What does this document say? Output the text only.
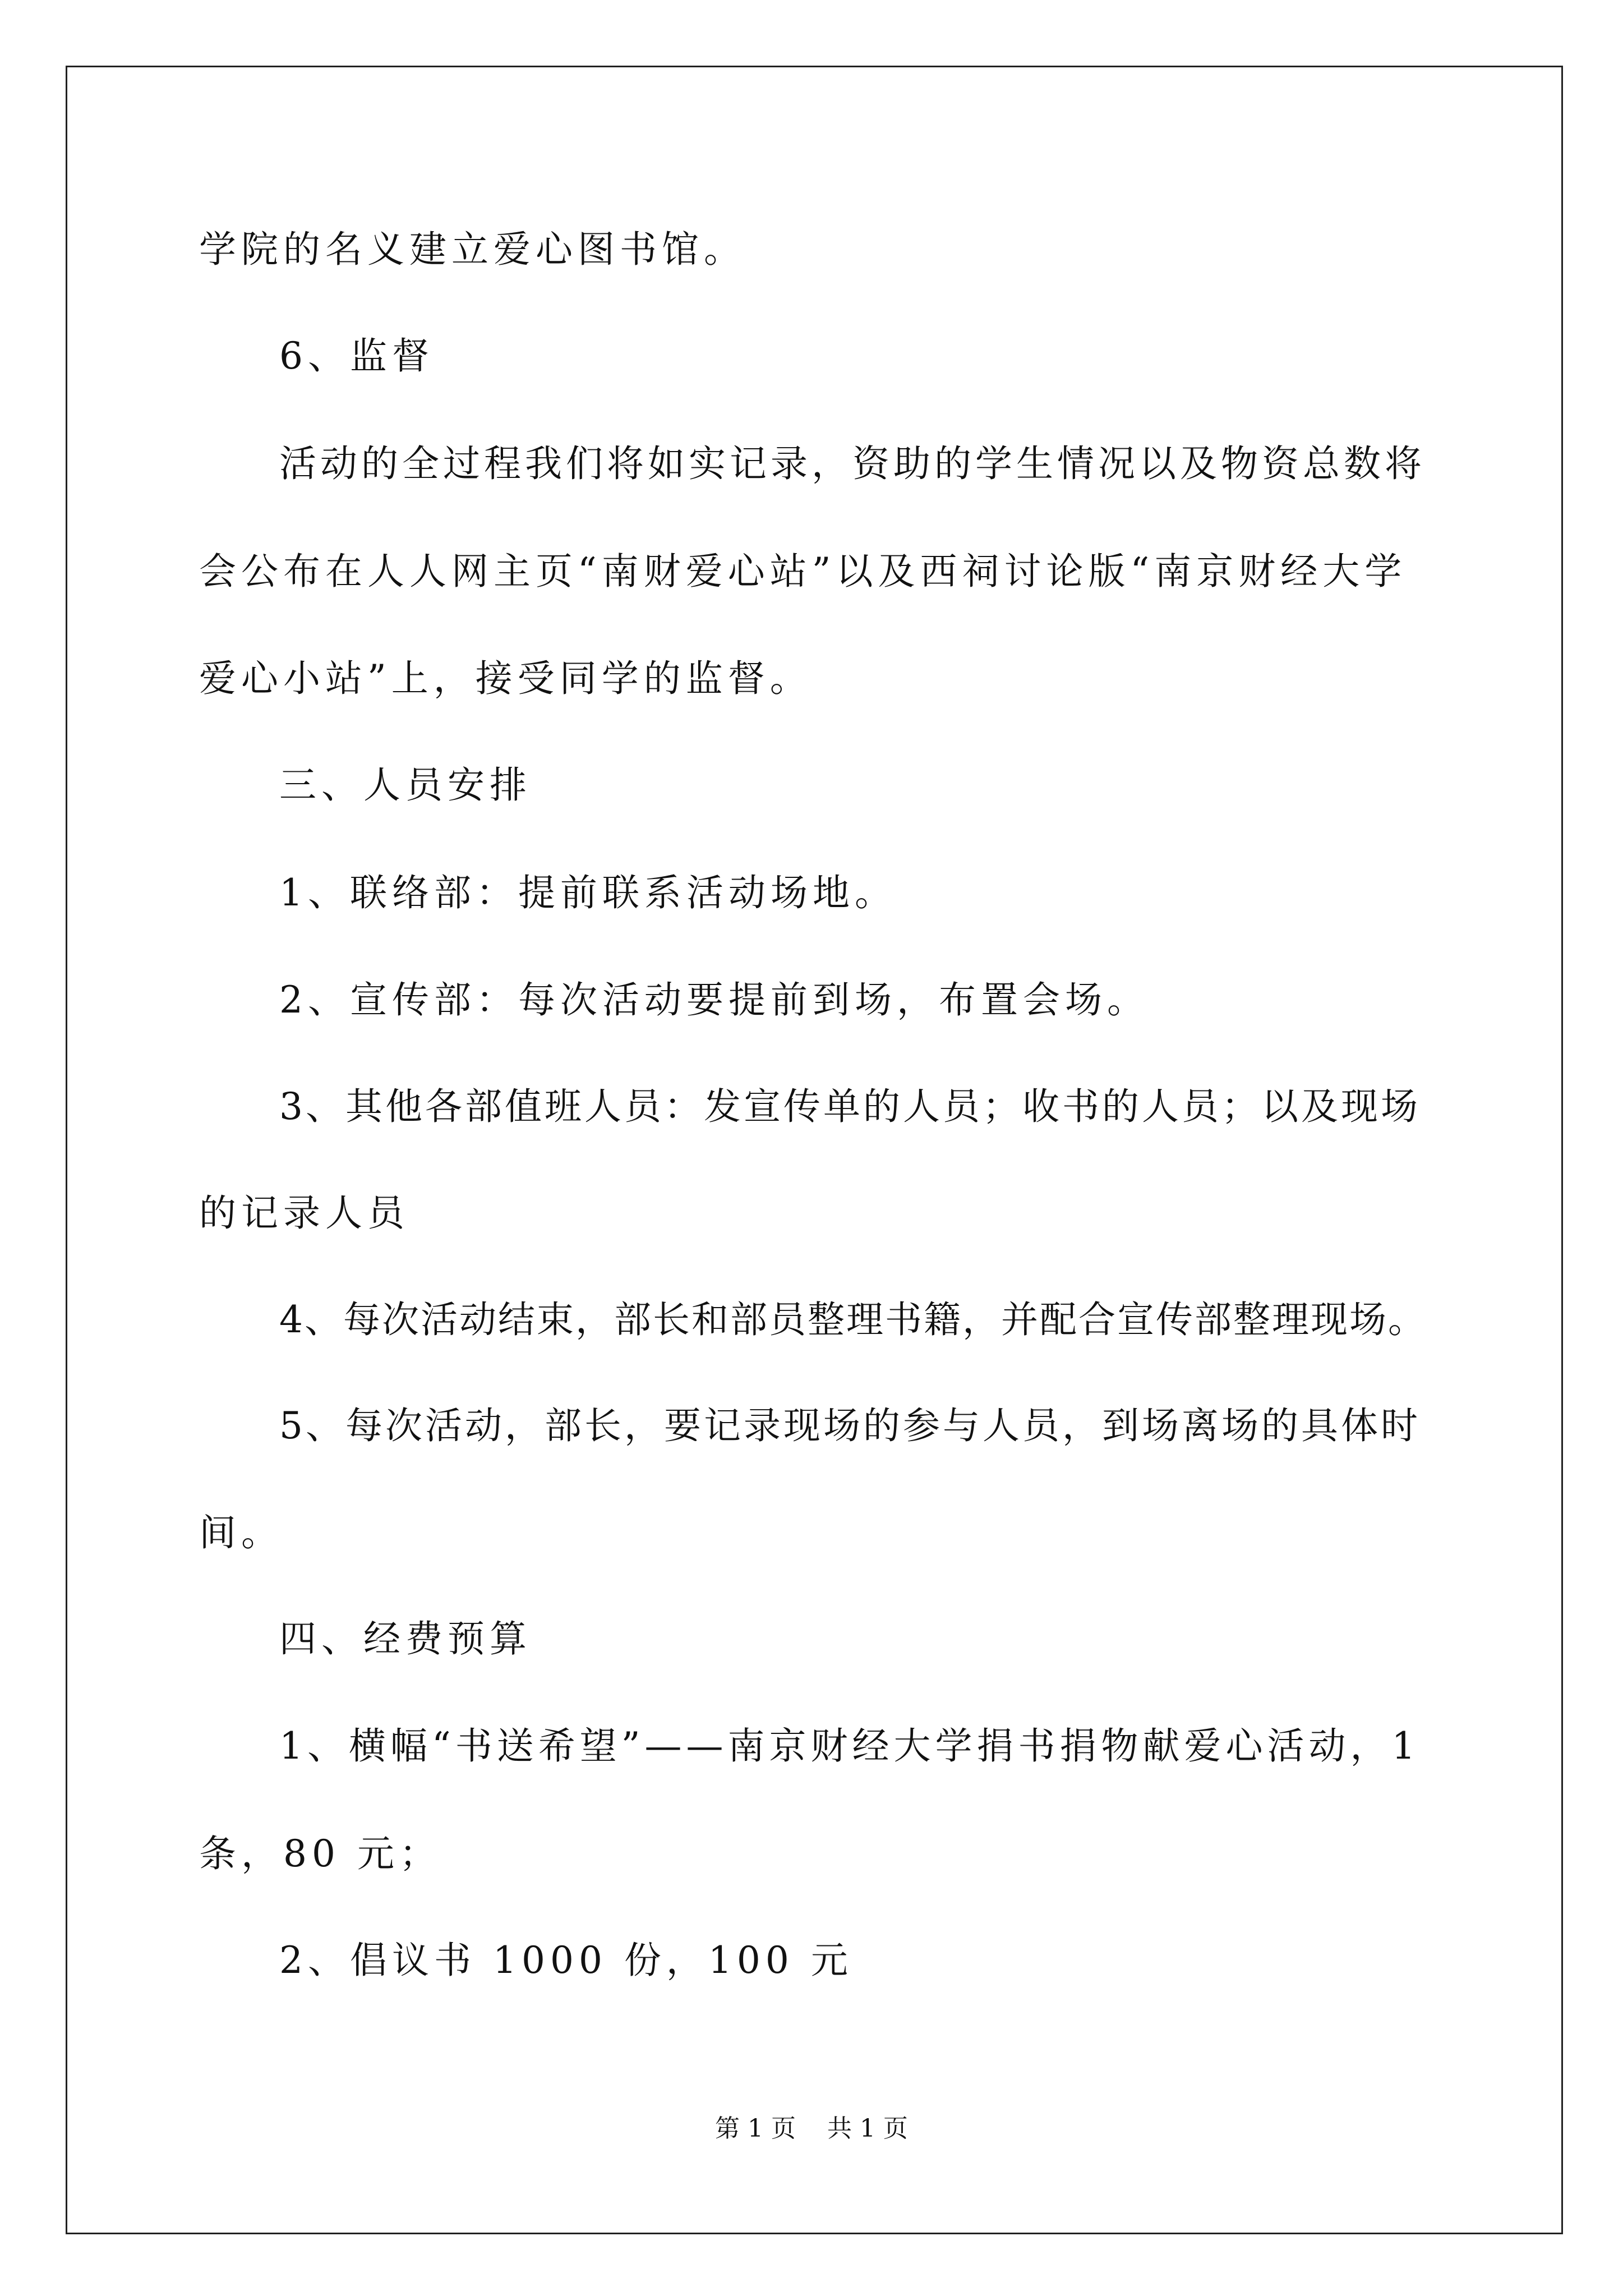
学院的名义建立爱心图书馆。
6、监督
活动的全过程我们将如实记录，资助的学生情况以及物资总数将
会公布在人人网主页“南财爱心站”以及西祠讨论版“南京财经大学
爱心小站”上，接受同学的监督。
三、人员安排
1、联络部：提前联系活动场地。
2、宣传部：每次活动要提前到场，布置会场。
3、其他各部值班人员：发宣传单的人员；收书的人员；以及现场
的记录人员
4、每次活动结束，部长和部员整理书籍，并配合宣传部整理现场。
5、每次活动，部长，要记录现场的参与人员，到场离场的具体时
间。
四、经费预算
1、横幅“书送希望”——南京财经大学捐书捐物献爱心活动，1
条，80 元；
2、倡议书 1000 份，100 元
第 1 页    共 1 页
